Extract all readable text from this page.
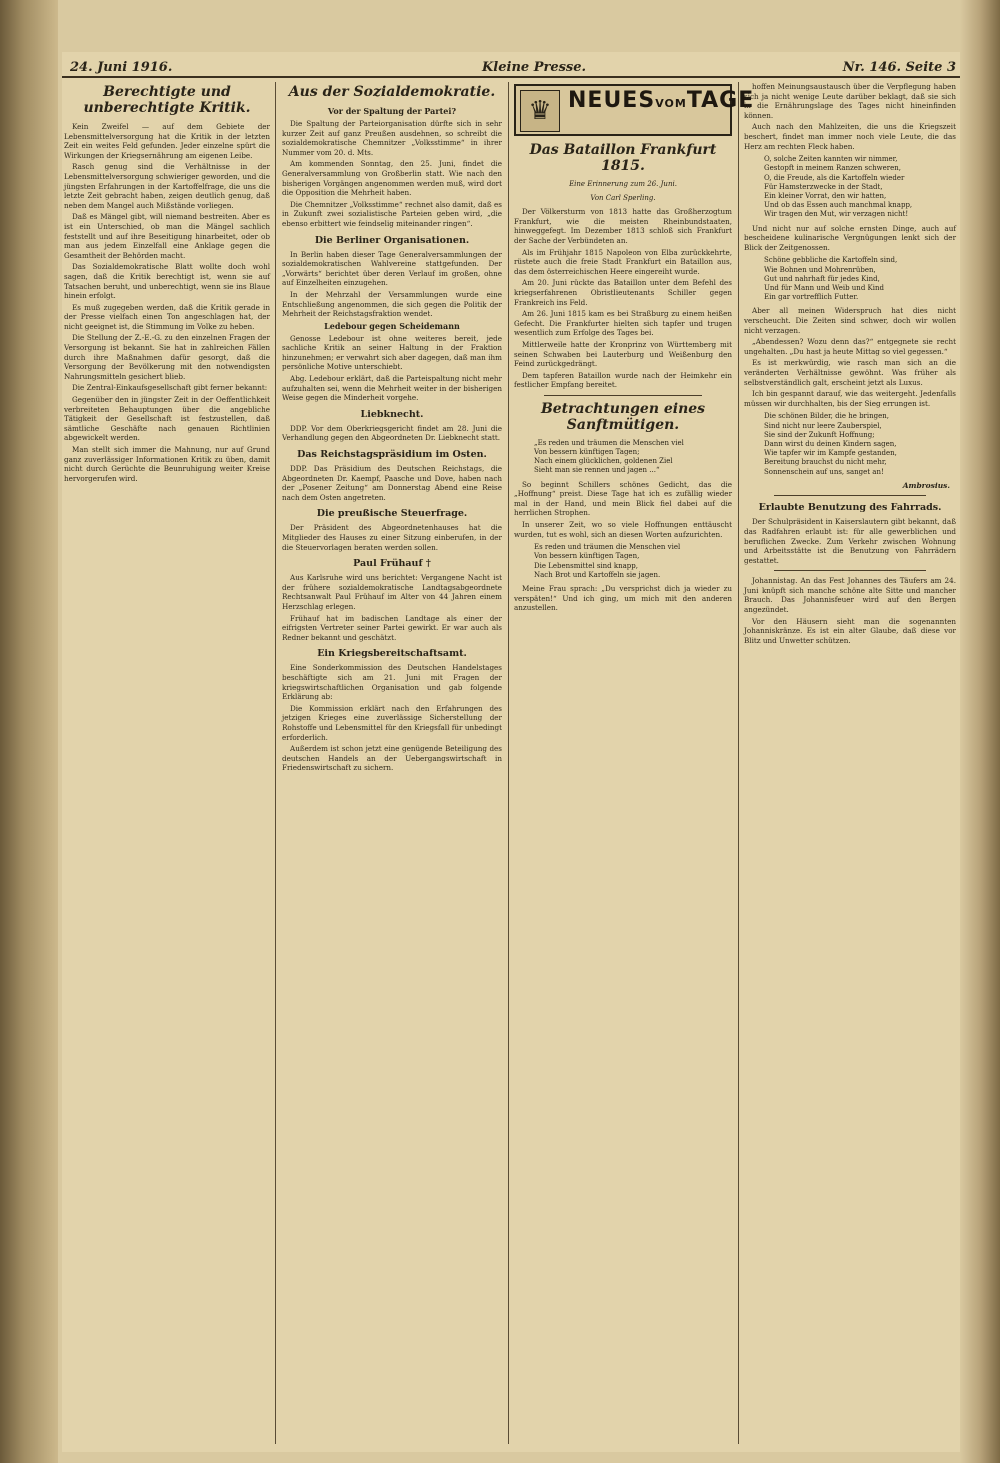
24. Juni 1916.	Kleine Presse.	Nr. 146. Seite 3
Berechtigte und unberechtigte Kritik.

Kein Zweifel — auf dem Gebiete der Lebensmittelversorgung hat die Kritik in der letzten Zeit ein weites Feld gefunden. Jeder einzelne spürt die Wirkungen der Kriegsernährung am eigenen Leibe.

Rasch genug sind die Verhältnisse in der Lebensmittelversorgung schwieriger geworden, und die jüngsten Erfahrungen in der Kartoffelfrage, die uns die letzte Zeit gebracht haben, zeigen deutlich genug, daß neben dem Mangel auch Mißstände vorliegen.

Daß es Mängel gibt, will niemand bestreiten. Aber es ist ein Unterschied, ob man die Mängel sachlich feststellt und auf ihre Beseitigung hinarbeitet, oder ob man aus jedem Einzelfall eine Anklage gegen die Gesamtheit der Behörden macht.

Das Sozialdemokratische Blatt wollte doch wohl sagen, daß die Kritik berechtigt ist, wenn sie auf Tatsachen beruht, und unberechtigt, wenn sie ins Blaue hinein erfolgt.

Es muß zugegeben werden, daß die Kritik gerade in der Presse vielfach einen Ton angeschlagen hat, der nicht geeignet ist, die Stimmung im Volke zu heben.

Die Stellung der Z.-E.-G. zu den einzelnen Fragen der Versorgung ist bekannt. Sie hat in zahlreichen Fällen durch ihre Maßnahmen dafür gesorgt, daß die Versorgung der Bevölkerung mit den notwendigsten Nahrungsmitteln gesichert blieb.

Die Zentral-Einkaufsgesellschaft gibt ferner bekannt:

Gegenüber den in jüngster Zeit in der Oeffentlichkeit verbreiteten Behauptungen über die angebliche Tätigkeit der Gesellschaft ist festzustellen, daß sämtliche Geschäfte nach genauen Richtlinien abgewickelt werden.

Man stellt sich immer die Mahnung, nur auf Grund ganz zuverlässiger Informationen Kritik zu üben, damit nicht durch Gerüchte die Beunruhigung weiter Kreise hervorgerufen wird.

Aus der Sozialdemokratie.
Vor der Spaltung der Partei?

Die Spaltung der Parteiorganisation dürfte sich in sehr kurzer Zeit auf ganz Preußen ausdehnen, so schreibt die sozialdemokratische Chemnitzer „Volksstimme“ in ihrer Nummer vom 20. d. Mts.

Am kommenden Sonntag, den 25. Juni, findet die Generalversammlung von Großberlin statt. Wie nach den bisherigen Vorgängen angenommen werden muß, wird dort die Opposition die Mehrheit haben.

Die Chemnitzer „Volksstimme“ rechnet also damit, daß es in Zukunft zwei sozialistische Parteien geben wird, „die ebenso erbittert wie feindselig miteinander ringen“.

Die Berliner Organisationen.

In Berlin haben dieser Tage Generalversammlungen der sozialdemokratischen Wahlvereine stattgefunden. Der „Vorwärts“ berichtet über deren Verlauf im großen, ohne auf Einzelheiten einzugehen.

In der Mehrzahl der Versammlungen wurde eine Entschließung angenommen, die sich gegen die Politik der Mehrheit der Reichstagsfraktion wendet.

Ledebour gegen Scheidemann

Genosse Ledebour ist ohne weiteres bereit, jede sachliche Kritik an seiner Haltung in der Fraktion hinzunehmen; er verwahrt sich aber dagegen, daß man ihm persönliche Motive unterschiebt.

Abg. Ledebour erklärt, daß die Parteispaltung nicht mehr aufzuhalten sei, wenn die Mehrheit weiter in der bisherigen Weise gegen die Minderheit vorgehe.

Liebknecht.

DDP. Vor dem Oberkriegsgericht findet am 28. Juni die Verhandlung gegen den Abgeordneten Dr. Liebknecht statt.

Das Reichstagspräsidium im Osten.

DDP. Das Präsidium des Deutschen Reichstags, die Abgeordneten Dr. Kaempf, Paasche und Dove, haben nach der „Posener Zeitung“ am Donnerstag Abend eine Reise nach dem Osten angetreten.

Die preußische Steuerfrage.

Der Präsident des Abgeordnetenhauses hat die Mitglieder des Hauses zu einer Sitzung einberufen, in der die Steuervorlagen beraten werden sollen.

Paul Frühauf †

Aus Karlsruhe wird uns berichtet: Vergangene Nacht ist der frühere sozialdemokratische Landtagsabgeordnete Rechtsanwalt Paul Frühauf im Alter von 44 Jahren einem Herzschlag erlegen.

Frühauf hat im badischen Landtage als einer der eifrigsten Vertreter seiner Partei gewirkt. Er war auch als Redner bekannt und geschätzt.

Ein Kriegsbereitschaftsamt.

Eine Sonderkommission des Deutschen Handelstages beschäftigte sich am 21. Juni mit Fragen der kriegswirtschaftlichen Organisation und gab folgende Erklärung ab:

Die Kommission erklärt nach den Erfahrungen des jetzigen Krieges eine zuverlässige Sicherstellung der Rohstoffe und Lebensmittel für den Kriegsfall für unbedingt erforderlich.

Außerdem ist schon jetzt eine genügende Beteiligung des deutschen Handels an der Uebergangswirtschaft in Friedenswirtschaft zu sichern.

♛ NEUESVOMTAGE
Das Bataillon Frankfurt 1815.
Eine Erinnerung zum 26. Juni.
Von Carl Sperling.

Der Völkersturm von 1813 hatte das Großherzogtum Frankfurt, wie die meisten Rheinbundstaaten, hinweggefegt. Im Dezember 1813 schloß sich Frankfurt der Sache der Verbündeten an.

Als im Frühjahr 1815 Napoleon von Elba zurückkehrte, rüstete auch die freie Stadt Frankfurt ein Bataillon aus, das dem österreichischen Heere eingereiht wurde.

Am 20. Juni rückte das Bataillon unter dem Befehl des kriegserfahrenen Obristlieutenants Schiller gegen Frankreich ins Feld.

Am 26. Juni 1815 kam es bei Straßburg zu einem heißen Gefecht. Die Frankfurter hielten sich tapfer und trugen wesentlich zum Erfolge des Tages bei.

Mittlerweile hatte der Kronprinz von Württemberg mit seinen Schwaben bei Lauterburg und Weißenburg den Feind zurückgedrängt.

Dem tapferen Bataillon wurde nach der Heimkehr ein festlicher Empfang bereitet.

Betrachtungen eines Sanftmütigen.
„Es reden und träumen die Menschen viel
Von bessern künftigen Tagen;
Nach einem glücklichen, goldenen Ziel
Sieht man sie rennen und jagen ...“

So beginnt Schillers schönes Gedicht, das die „Hoffnung“ preist. Diese Tage hat ich es zufällig wieder mal in der Hand, und mein Blick fiel dabei auf die herrlichen Strophen.

In unserer Zeit, wo so viele Hoffnungen enttäuscht wurden, tut es wohl, sich an diesen Worten aufzurichten.

Es reden und träumen die Menschen viel
Von bessern künftigen Tagen,
Die Lebensmittel sind knapp,
Nach Brot und Kartoffeln sie jagen.

Meine Frau sprach: „Du versprichst dich ja wieder zu verspäten!“ Und ich ging, um mich mit den anderen anzustellen.

hoffen Meinungsaustausch über die Verpflegung haben sich ja nicht wenige Leute darüber beklagt, daß sie sich in die Ernährungslage des Tages nicht hineinfinden können.

Auch nach den Mahlzeiten, die uns die Kriegszeit beschert, findet man immer noch viele Leute, die das Herz am rechten Fleck haben.

O, solche Zeiten kannten wir nimmer,
Gestopft in meinem Ranzen schweren,
O, die Freude, als die Kartoffeln wieder
Für Hamsterzwecke in der Stadt,
Ein kleiner Vorrat, den wir hatten,
Und ob das Essen auch manchmal knapp,
Wir tragen den Mut, wir verzagen nicht!

Und nicht nur auf solche ernsten Dinge, auch auf bescheidene kulinarische Vergnügungen lenkt sich der Blick der Zeitgenossen.

Schöne gebbliche die Kartoffeln sind,
Wie Bohnen und Mohrenrüben,
Gut und nahrhaft für jedes Kind,
Und für Mann und Weib und Kind
Ein gar vortrefflich Futter.

Aber all meinen Widerspruch hat dies nicht verscheucht. Die Zeiten sind schwer, doch wir wollen nicht verzagen.

„Abendessen? Wozu denn das?“ entgegnete sie recht ungehalten. „Du hast ja heute Mittag so viel gegessen.“

Es ist merkwürdig, wie rasch man sich an die veränderten Verhältnisse gewöhnt. Was früher als selbstverständlich galt, erscheint jetzt als Luxus.

Ich bin gespannt darauf, wie das weitergeht. Jedenfalls müssen wir durchhalten, bis der Sieg errungen ist.

Die schönen Bilder, die he bringen,
Sind nicht nur leere Zauberspiel,
Sie sind der Zukunft Hoffnung;
Dann wirst du deinen Kindern sagen,
Wie tapfer wir im Kampfe gestanden,
Bereitung brauchst du nicht mehr,
Sonnenschein auf uns, sanget an!
Ambrosius.
Erlaubte Benutzung des Fahrrads.

Der Schulpräsident in Kaiserslautern gibt bekannt, daß das Radfahren erlaubt ist: für alle gewerblichen und beruflichen Zwecke. Zum Verkehr zwischen Wohnung und Arbeitsstätte ist die Benutzung von Fahrrädern gestattet.

Johannistag. An das Fest Johannes des Täufers am 24. Juni knüpft sich manche schöne alte Sitte und mancher Brauch. Das Johannisfeuer wird auf den Bergen angezündet.

Vor den Häusern sieht man die sogenannten Johanniskränze. Es ist ein alter Glaube, daß diese vor Blitz und Unwetter schützen.
